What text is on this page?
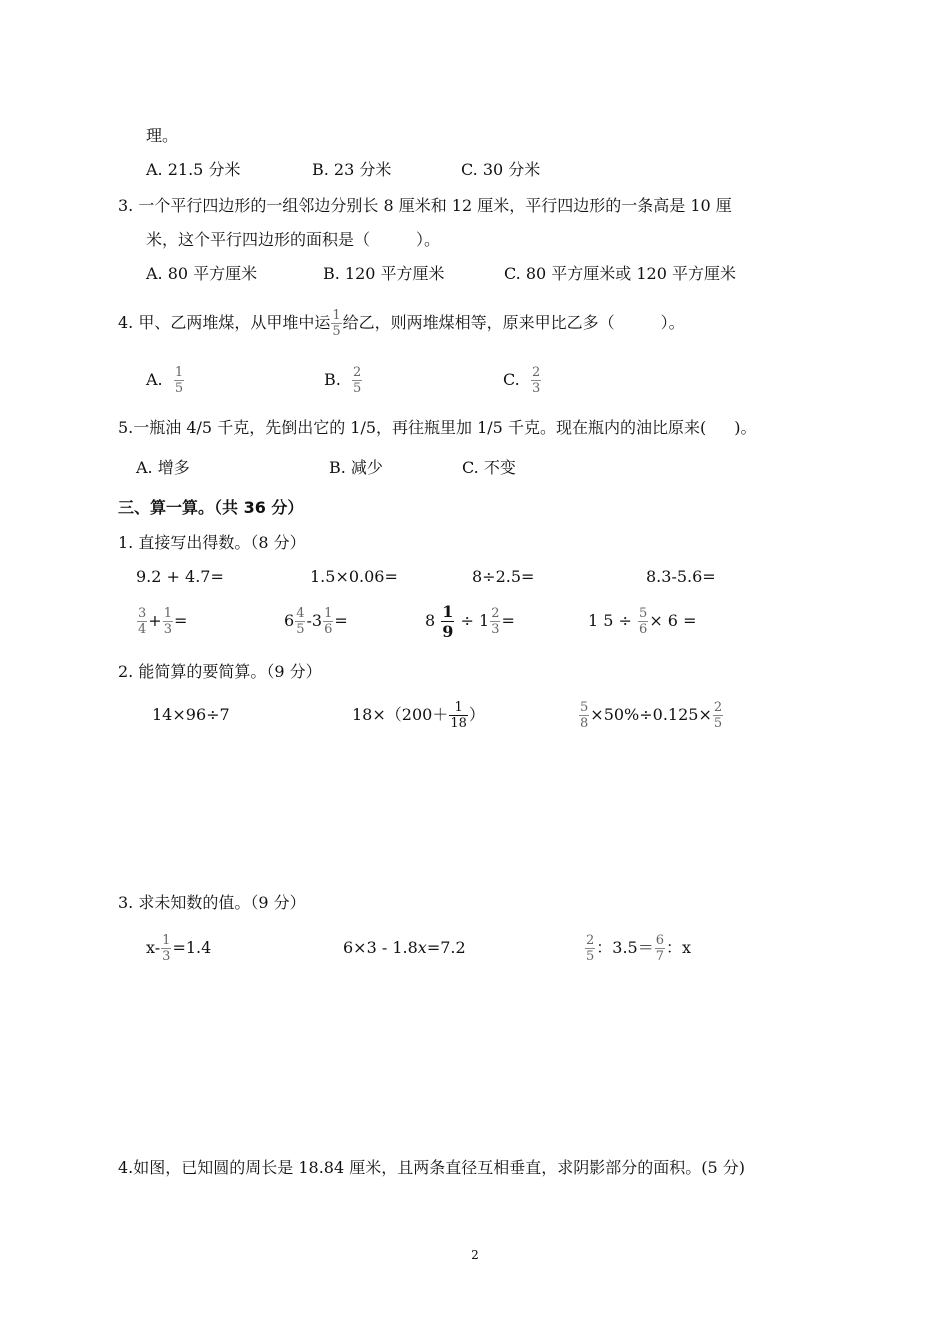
理。
A. 21.5 分米	B. 23 分米	C. 30 分米
3. 一个平行四边形的一组邻边分别长 8 厘米和 12 厘米，平行四边形的一条高是 10 厘
米，这个平行四边形的面积是（	）。
A. 80 平方厘米	B. 120 平方厘米	C. 80 平方厘米或 120 平方厘米
4. 甲、乙两堆煤，从甲堆中运 $\frac{1}{5}$ 给乙，则两堆煤相等，原来甲比乙多（	）。
A. $\frac{1}{5}$	B. $\frac{2}{5}$	C. $\frac{2}{3}$
5.一瓶油 4/5 千克，先倒出它的 1/5，再往瓶里加 1/5 千克。现在瓶内的油比原来( )。
A. 增多	B. 减少	C. 不变
三、算一算。（共 36 分）
1. 直接写出得数。（8 分）
9.2 + 4.7=	1.5×0.06=	8÷2.5=	8.3-5.6=
$\frac{3}{4} + \frac{1}{3}$ =	$6 \frac{4}{5} -3 \frac{1}{6}$ =	$8 \frac{1}{9} \div 1 \frac{2}{3}$ =	1 $5 \div \frac{5}{6} \times 6$ =
2. 能简算的要简算。（9 分）
14×96÷7	$18\times(200+ \frac{1}{18}$ ）	$\frac{5}{8} \times 50\%\div 0.125\times \frac{2}{5}$
3. 求未知数的值。（9 分）
$x- \frac{1}{3} =1.4$	6×3 - 1.8x=7.2	$\frac{2}{5}$ ：$3.5= \frac{6}{7}$ ：x
4.如图，已知圆的周长是 18.84 厘米，且两条直径互相垂直，求阴影部分的面积。(5 分)
2
